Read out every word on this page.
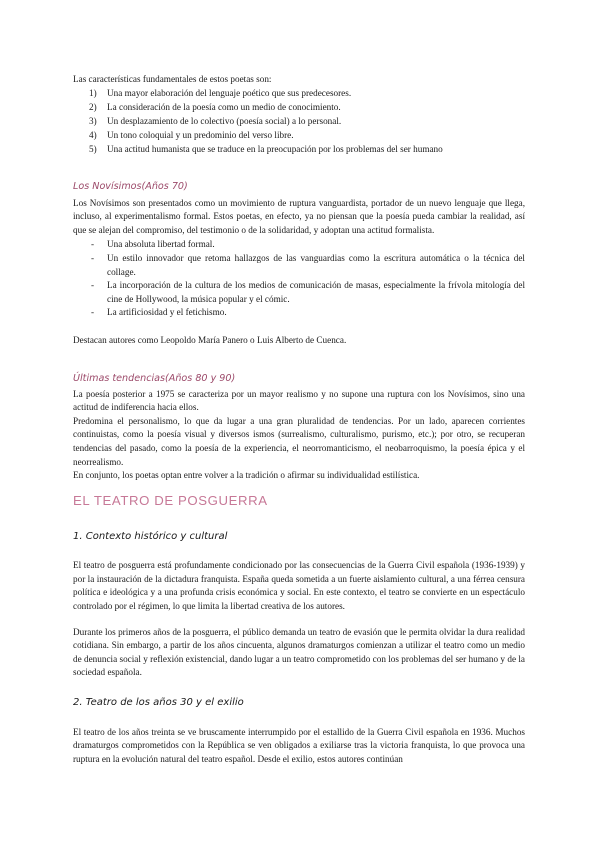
Las características fundamentales de estos poetas son:

1)	Una mayor elaboración del lenguaje poético que sus predecesores.
2)	La consideración de la poesía como un medio de conocimiento.
3)	Un desplazamiento de lo colectivo (poesía social) a lo personal.
4)	Un tono coloquial y un predominio del verso libre.
5)	Una actitud humanista que se traduce en la preocupación por los problemas del ser humano

Los Novísimos(Años 70)

Los Novísimos son presentados como un movimiento de ruptura vanguardista, portador de un nuevo lenguaje que llega, incluso, al experimentalismo formal. Estos poetas, en efecto, ya no piensan que la poesía pueda cambiar la realidad, así que se alejan del compromiso, del testimonio o de la solidaridad, y adoptan una actitud formalista.

-	Una absoluta libertad formal.
-	Un estilo innovador que retoma hallazgos de las vanguardias como la escritura automática o la técnica del collage.
-	La incorporación de la cultura de los medios de comunicación de masas, especialmente la frívola mitología del cine de Hollywood, la música popular y el cómic.
-	La artificiosidad y el fetichismo.

Destacan autores como Leopoldo María Panero o Luis Alberto de Cuenca.

Últimas tendencias(Años 80 y 90)

La poesía posterior a 1975 se caracteriza por un mayor realismo y no supone una ruptura con los Novísimos, sino una actitud de indiferencia hacia ellos.

Predomina el personalismo, lo que da lugar a una gran pluralidad de tendencias. Por un lado, aparecen corrientes continuistas, como la poesía visual y diversos ismos (surrealismo, culturalismo, purismo, etc.); por otro, se recuperan tendencias del pasado, como la poesía de la experiencia, el neorromanticismo, el neobarroquismo, la poesía épica y el neorrealismo.

En conjunto, los poetas optan entre volver a la tradición o afirmar su individualidad estilística.

EL TEATRO DE POSGUERRA

1. Contexto histórico y cultural

El teatro de posguerra está profundamente condicionado por las consecuencias de la Guerra Civil española (1936-1939) y por la instauración de la dictadura franquista. España queda sometida a un fuerte aislamiento cultural, a una férrea censura política e ideológica y a una profunda crisis económica y social. En este contexto, el teatro se convierte en un espectáculo controlado por el régimen, lo que limita la libertad creativa de los autores.

Durante los primeros años de la posguerra, el público demanda un teatro de evasión que le permita olvidar la dura realidad cotidiana. Sin embargo, a partir de los años cincuenta, algunos dramaturgos comienzan a utilizar el teatro como un medio de denuncia social y reflexión existencial, dando lugar a un teatro comprometido con los problemas del ser humano y de la sociedad española.

2. Teatro de los años 30 y el exilio

El teatro de los años treinta se ve bruscamente interrumpido por el estallido de la Guerra Civil española en 1936. Muchos dramaturgos comprometidos con la República se ven obligados a exiliarse tras la victoria franquista, lo que provoca una ruptura en la evolución natural del teatro español. Desde el exilio, estos autores continúan
